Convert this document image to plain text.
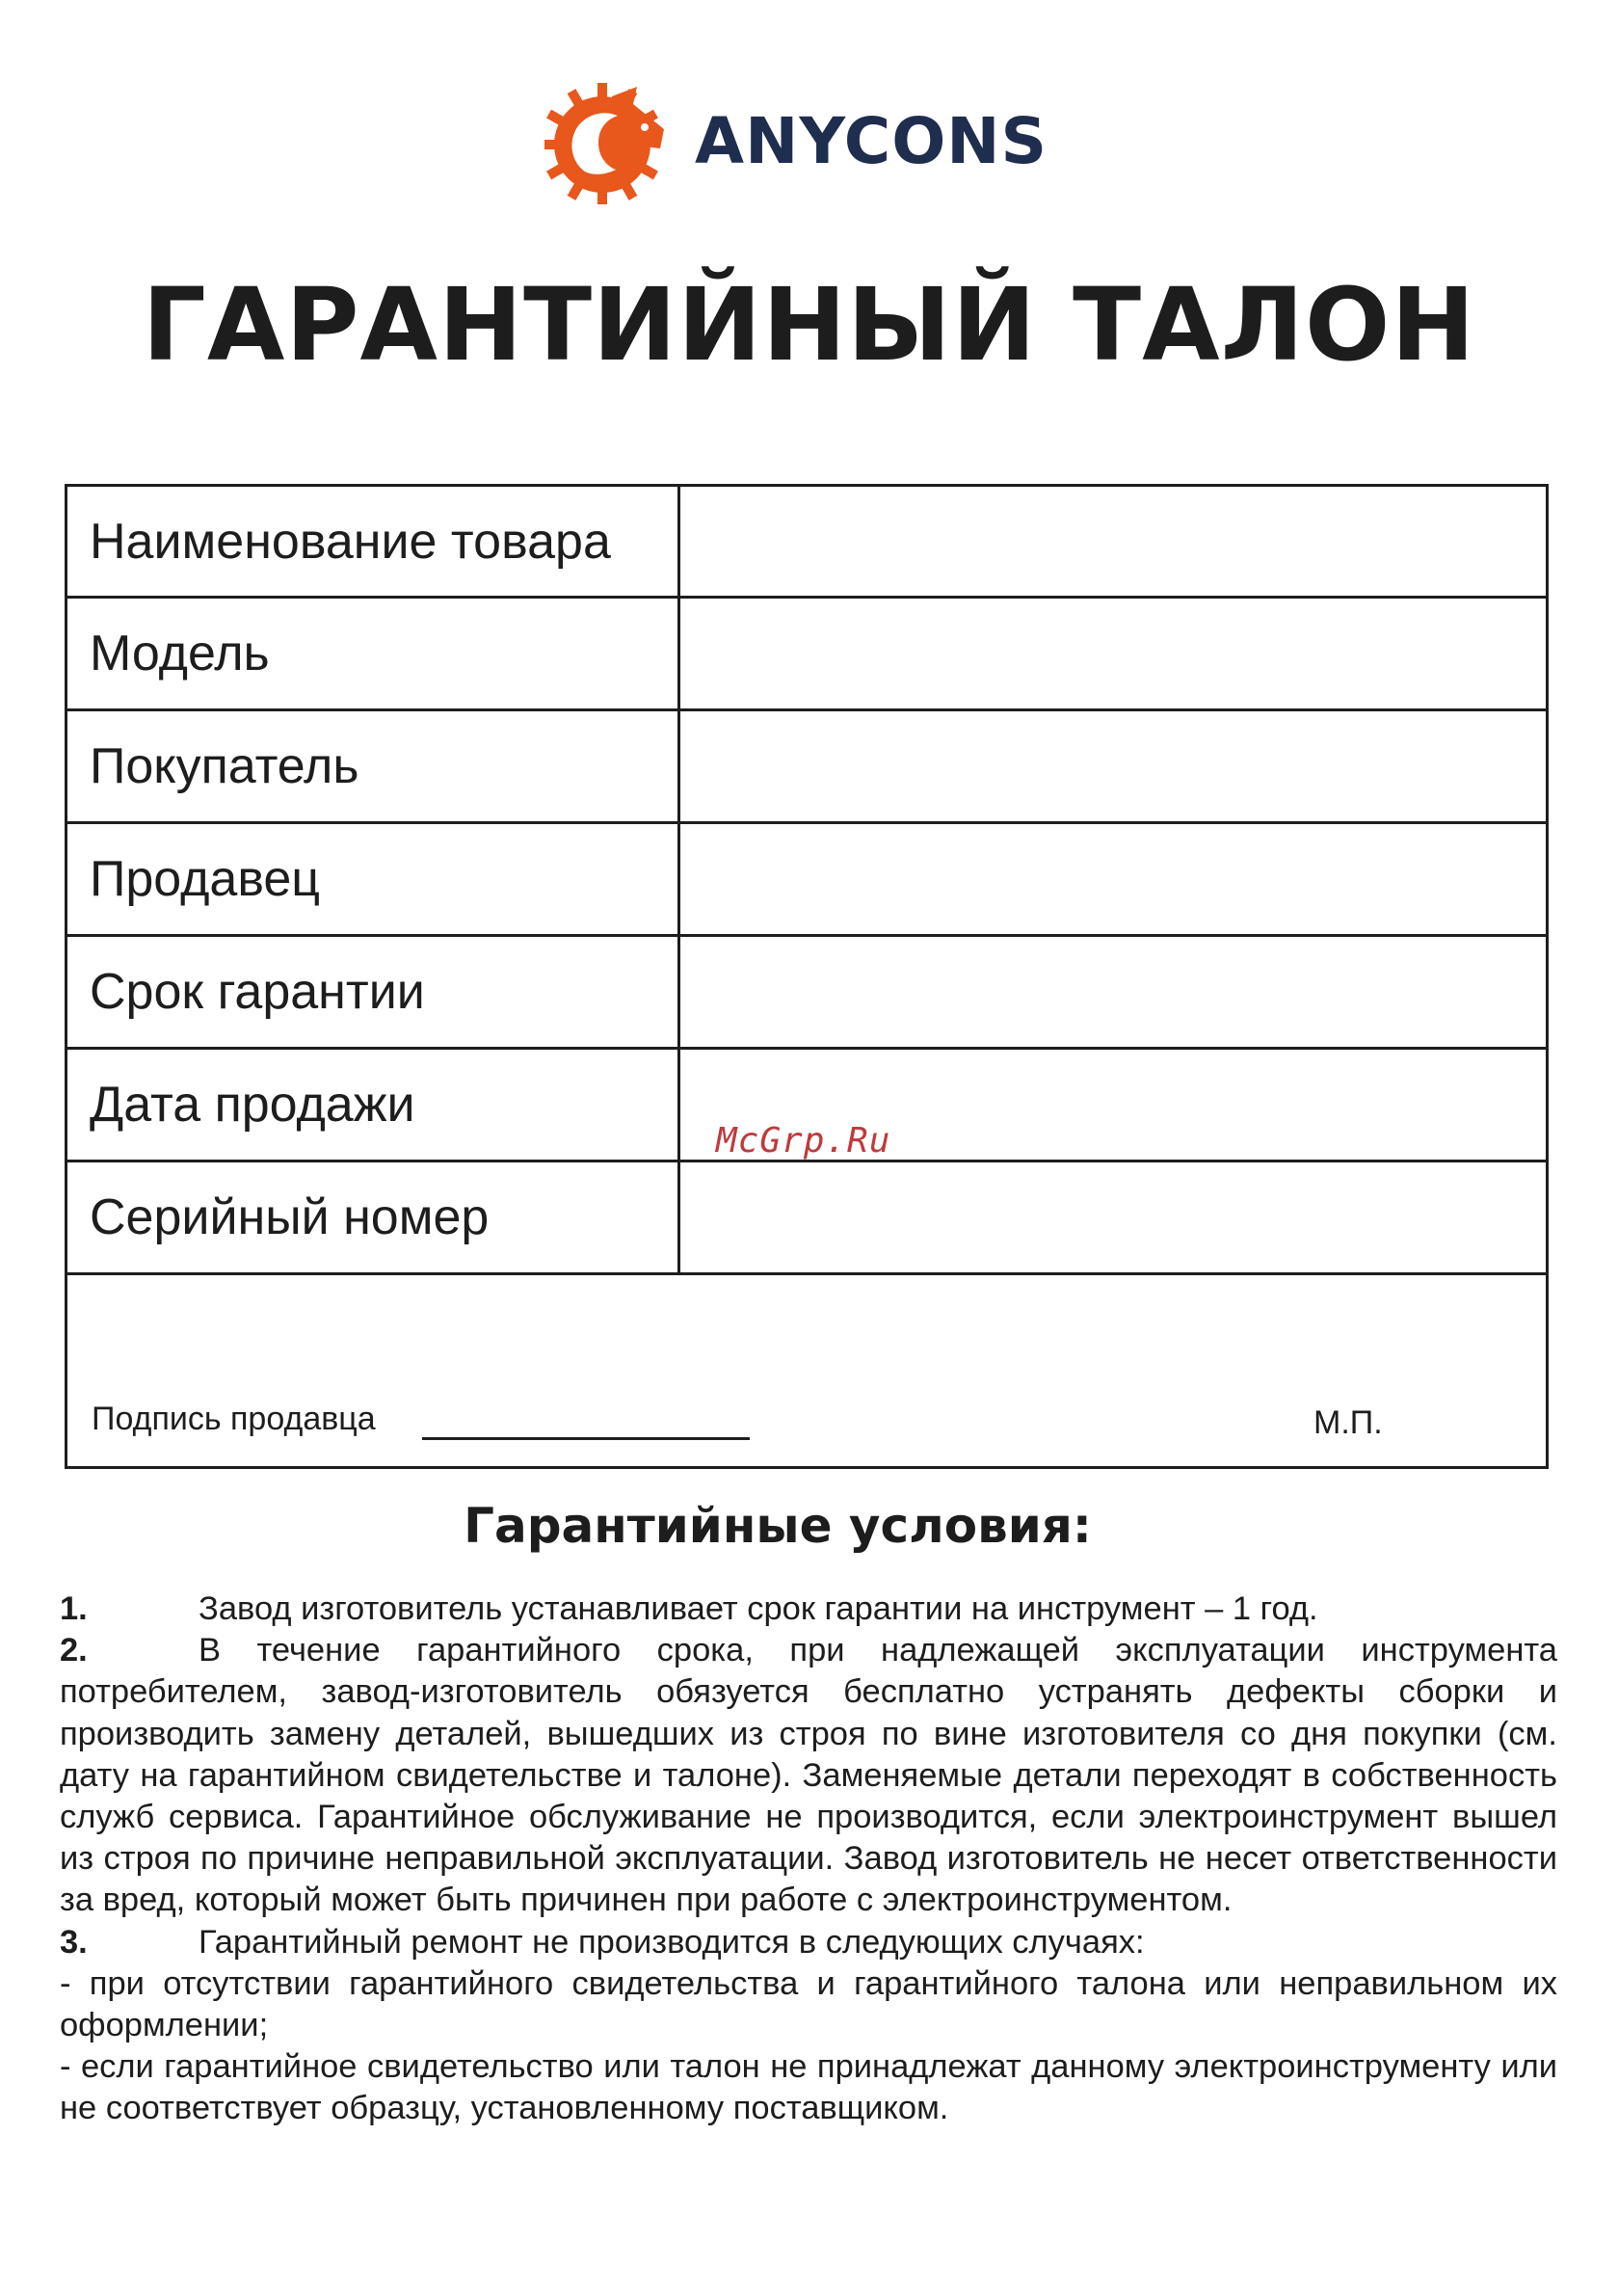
ANYCONS
ГАРАНТИЙНЫЙ ТАЛОН
Наименование товара
Модель
Покупатель
Продавец
Срок гарантии
Дата продажи
Серийный номер
Подпись продавца	М.П.
McGrp.Ru
Гарантийные условия:

1.	Завод изготовитель устанавливает срок гарантии на инструмент – 1 год.

2.	В течение гарантийного срока, при надлежащей эксплуатации инструмента потребителем, завод-изготовитель обязуется бесплатно устранять дефекты сборки и производить замену деталей, вышедших из строя по вине изготовителя со дня покупки (см. дату на гарантийном свидетельстве и талоне). Заменяемые детали переходят в собственность служб сервиса. Гарантийное обслуживание не производится, если электроинструмент вышел из строя по причине неправильной эксплуатации. Завод изготовитель не несет ответственности за вред, который может быть причинен при работе с электроинструментом.

3.	Гарантийный ремонт не производится в следующих случаях:

- при отсутствии гарантийного свидетельства и гарантийного талона или неправильном их оформлении;

- если гарантийное свидетельство или талон не принадлежат данному электроинструменту или не соответствует образцу, установленному поставщиком.
